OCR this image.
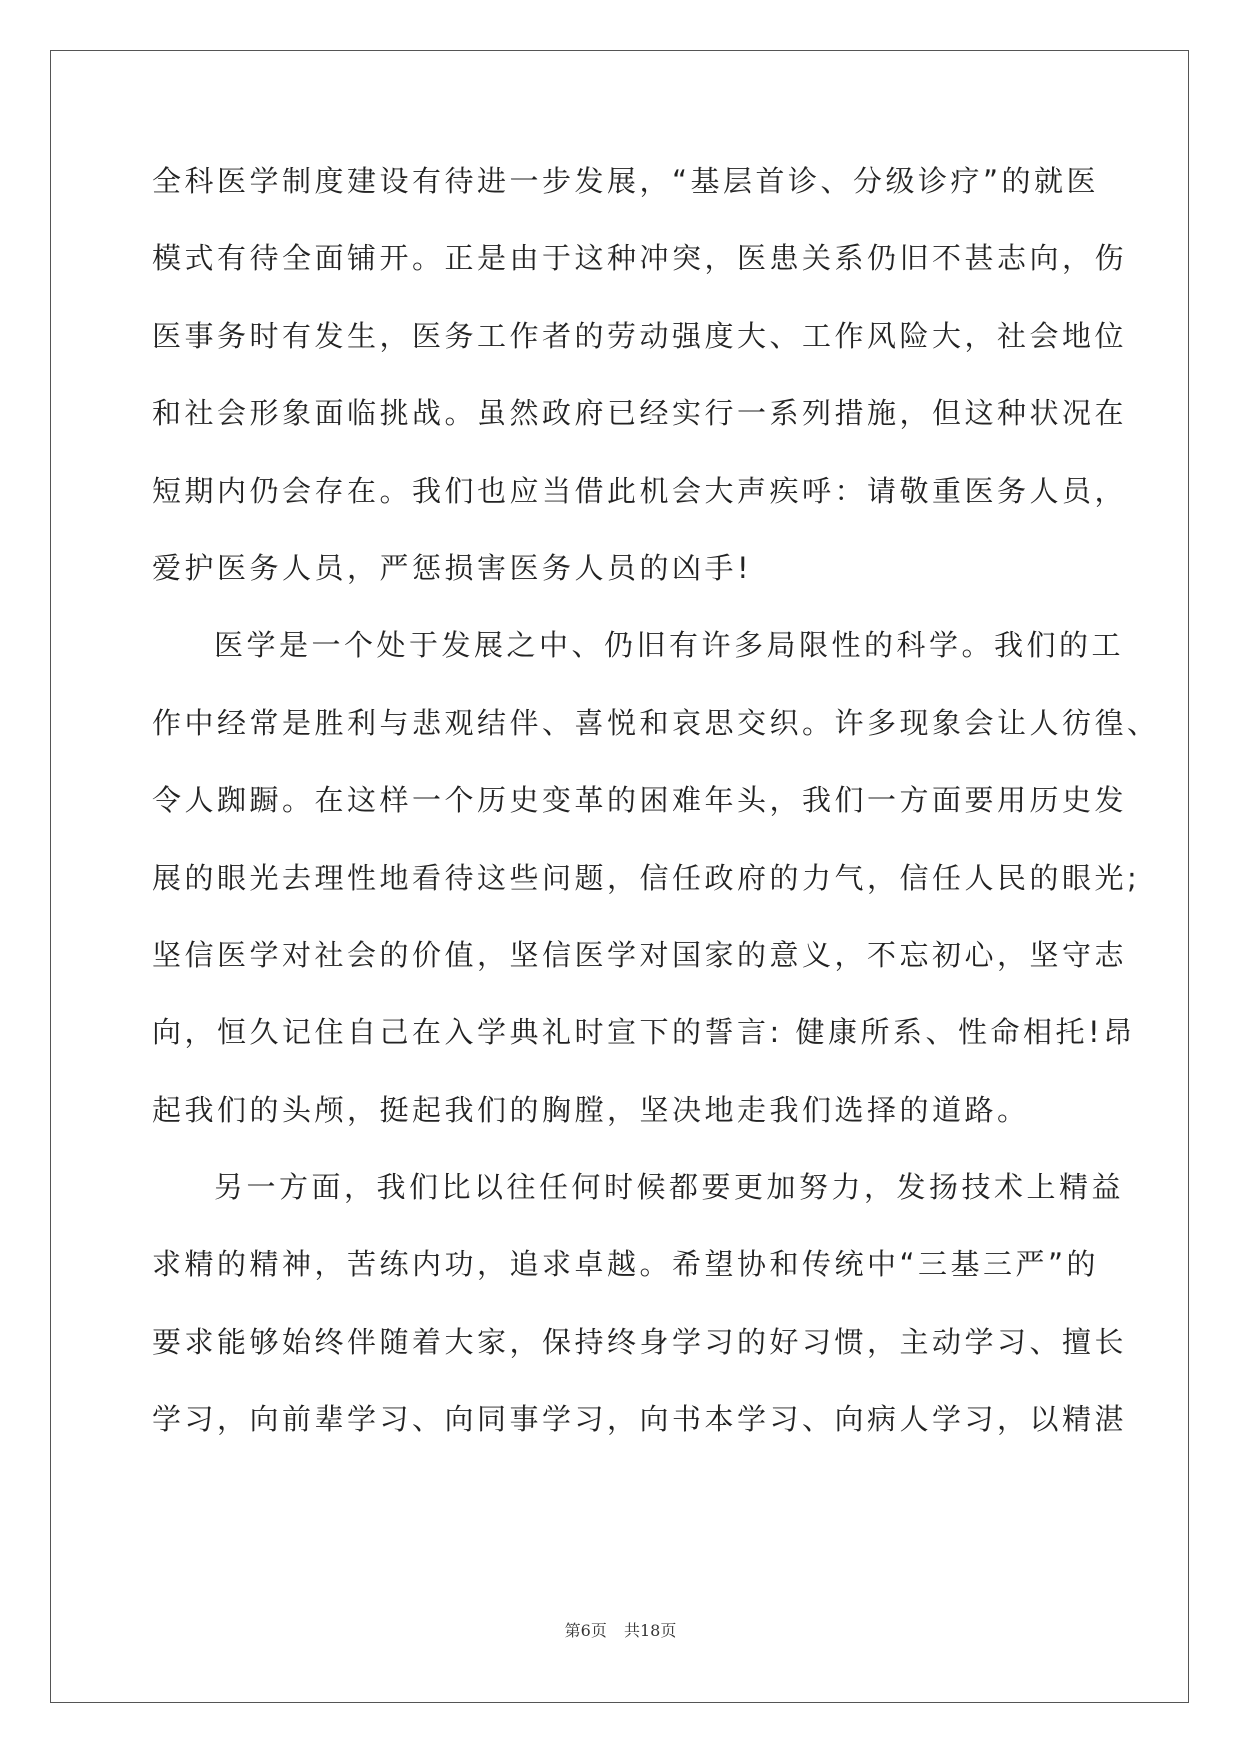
全科医学制度建设有待进一步发展，“基层首诊、分级诊疗”的就医
模式有待全面铺开。正是由于这种冲突，医患关系仍旧不甚志向，伤
医事务时有发生，医务工作者的劳动强度大、工作风险大，社会地位
和社会形象面临挑战。虽然政府已经实行一系列措施，但这种状况在
短期内仍会存在。我们也应当借此机会大声疾呼：请敬重医务人员，
爱护医务人员，严惩损害医务人员的凶手!
医学是一个处于发展之中、仍旧有许多局限性的科学。我们的工
作中经常是胜利与悲观结伴、喜悦和哀思交织。许多现象会让人彷徨、
令人踟蹰。在这样一个历史变革的困难年头，我们一方面要用历史发
展的眼光去理性地看待这些问题，信任政府的力气，信任人民的眼光;
坚信医学对社会的价值，坚信医学对国家的意义，不忘初心，坚守志
向，恒久记住自己在入学典礼时宣下的誓言: 健康所系、性命相托!昂
起我们的头颅，挺起我们的胸膛，坚决地走我们选择的道路。
另一方面，我们比以往任何时候都要更加努力，发扬技术上精益
求精的精神，苦练内功，追求卓越。希望协和传统中“三基三严”的
要求能够始终伴随着大家，保持终身学习的好习惯，主动学习、擅长
学习，向前辈学习、向同事学习，向书本学习、向病人学习，以精湛
第6页 共18页
